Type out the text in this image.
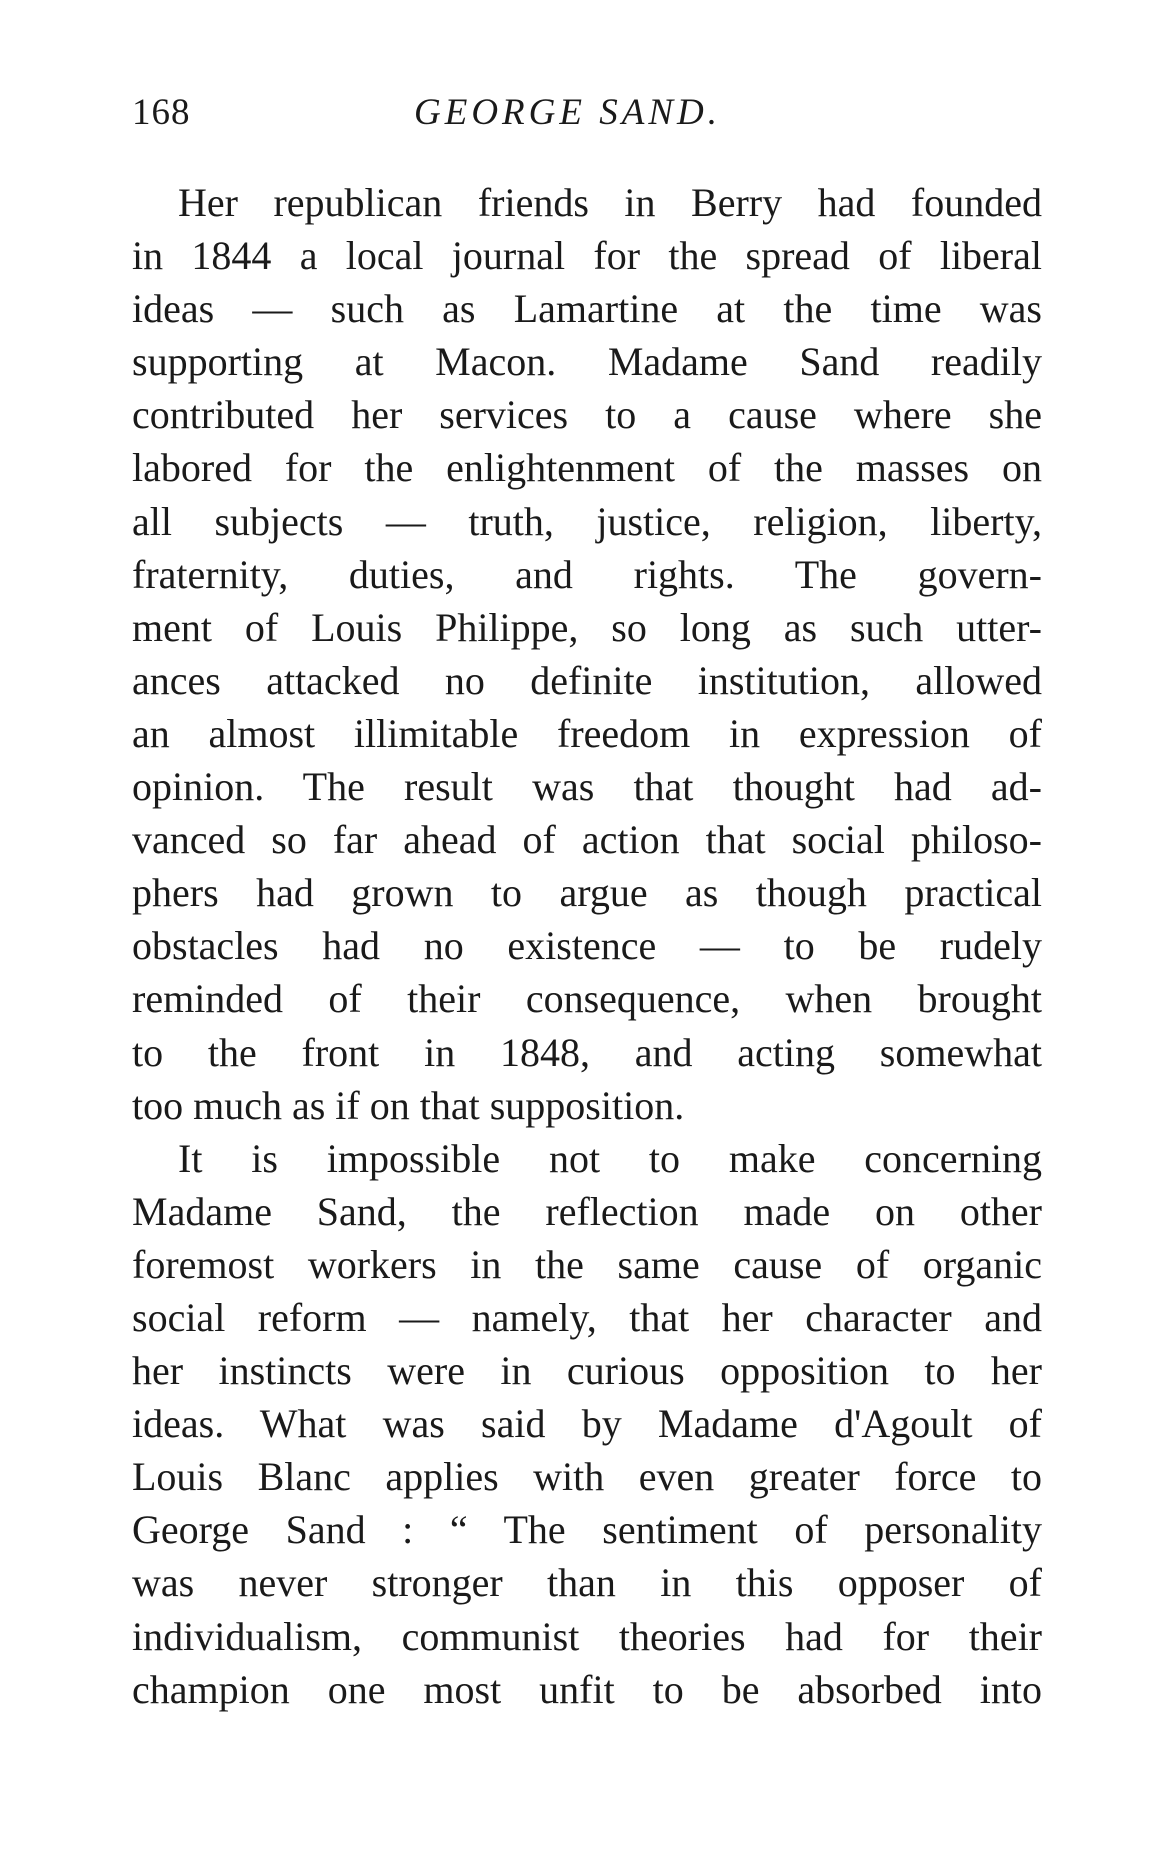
168	GEORGE SAND.
Her republican friends in Berry had founded
in 1844 a local journal for the spread of liberal
ideas — such as Lamartine at the time was
supporting at Macon. Madame Sand readily
contributed her services to a cause where she
labored for the enlightenment of the masses on
all subjects — truth, justice, religion, liberty,
fraternity, duties, and rights. The govern-
ment of Louis Philippe, so long as such utter-
ances attacked no definite institution, allowed
an almost illimitable freedom in expression of
opinion. The result was that thought had ad-
vanced so far ahead of action that social philoso-
phers had grown to argue as though practical
obstacles had no existence — to be rudely
reminded of their consequence, when brought
to the front in 1848, and acting somewhat
too much as if on that supposition.
It is impossible not to make concerning
Madame Sand, the reflection made on other
foremost workers in the same cause of organic
social reform — namely, that her character and
her instincts were in curious opposition to her
ideas. What was said by Madame d'Agoult of
Louis Blanc applies with even greater force to
George Sand : “ The sentiment of personality
was never stronger than in this opposer of
individualism, communist theories had for their
champion one most unfit to be absorbed into
